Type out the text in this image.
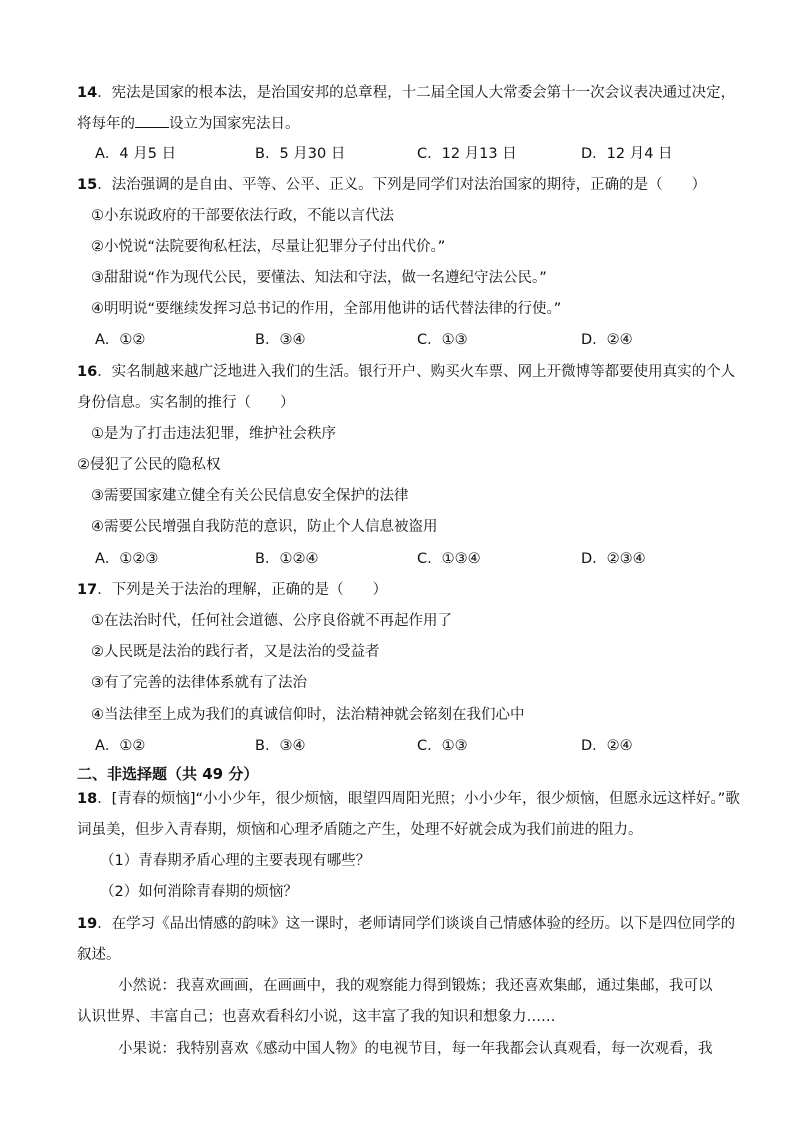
14．宪法是国家的根本法，是治国安邦的总章程，十二届全国人大常委会第十一次会议表决通过决定，
将每年的 设立为国家宪法日。
A．4 月5 日	B．5 月30 日	C．12 月13 日	D．12 月4 日
15．法治强调的是自由、平等、公平、正义。下列是同学们对法治国家的期待，正确的是（　　）
①小东说政府的干部要依法行政，不能以言代法
②小悦说“法院要徇私枉法，尽量让犯罪分子付出代价。”
③甜甜说“作为现代公民，要懂法、知法和守法，做一名遵纪守法公民。”
④明明说“要继续发挥习总书记的作用，全部用他讲的话代替法律的行使。”
A．①②	B．③④	C．①③	D．②④
16．实名制越来越广泛地进入我们的生活。银行开户、购买火车票、网上开微博等都要使用真实的个人
身份信息。实名制的推行（　　）
①是为了打击违法犯罪，维护社会秩序
②侵犯了公民的隐私权
③需要国家建立健全有关公民信息安全保护的法律
④需要公民增强自我防范的意识，防止个人信息被盗用
A．①②③	B．①②④	C．①③④	D．②③④
17．下列是关于法治的理解，正确的是（　　）
①在法治时代，任何社会道德、公序良俗就不再起作用了
②人民既是法治的践行者，又是法治的受益者
③有了完善的法律体系就有了法治
④当法律至上成为我们的真诚信仰时，法治精神就会铭刻在我们心中
A．①②	B．③④	C．①③	D．②④
二、非选择题（共 49 分）
18．[青春的烦恼]“小小少年，很少烦恼，眼望四周阳光照；小小少年，很少烦恼，但愿永远这样好。”歌
词虽美，但步入青春期，烦恼和心理矛盾随之产生，处理不好就会成为我们前进的阻力。
（1）青春期矛盾心理的主要表现有哪些？
（2）如何消除青春期的烦恼？
19．在学习《品出情感的韵味》这一课时，老师请同学们谈谈自己情感体验的经历。以下是四位同学的
叙述。
小然说：我喜欢画画，在画画中，我的观察能力得到锻炼；我还喜欢集邮，通过集邮，我可以
认识世界、丰富自己；也喜欢看科幻小说，这丰富了我的知识和想象力……
小果说：我特别喜欢《感动中国人物》的电视节目，每一年我都会认真观看，每一次观看，我
